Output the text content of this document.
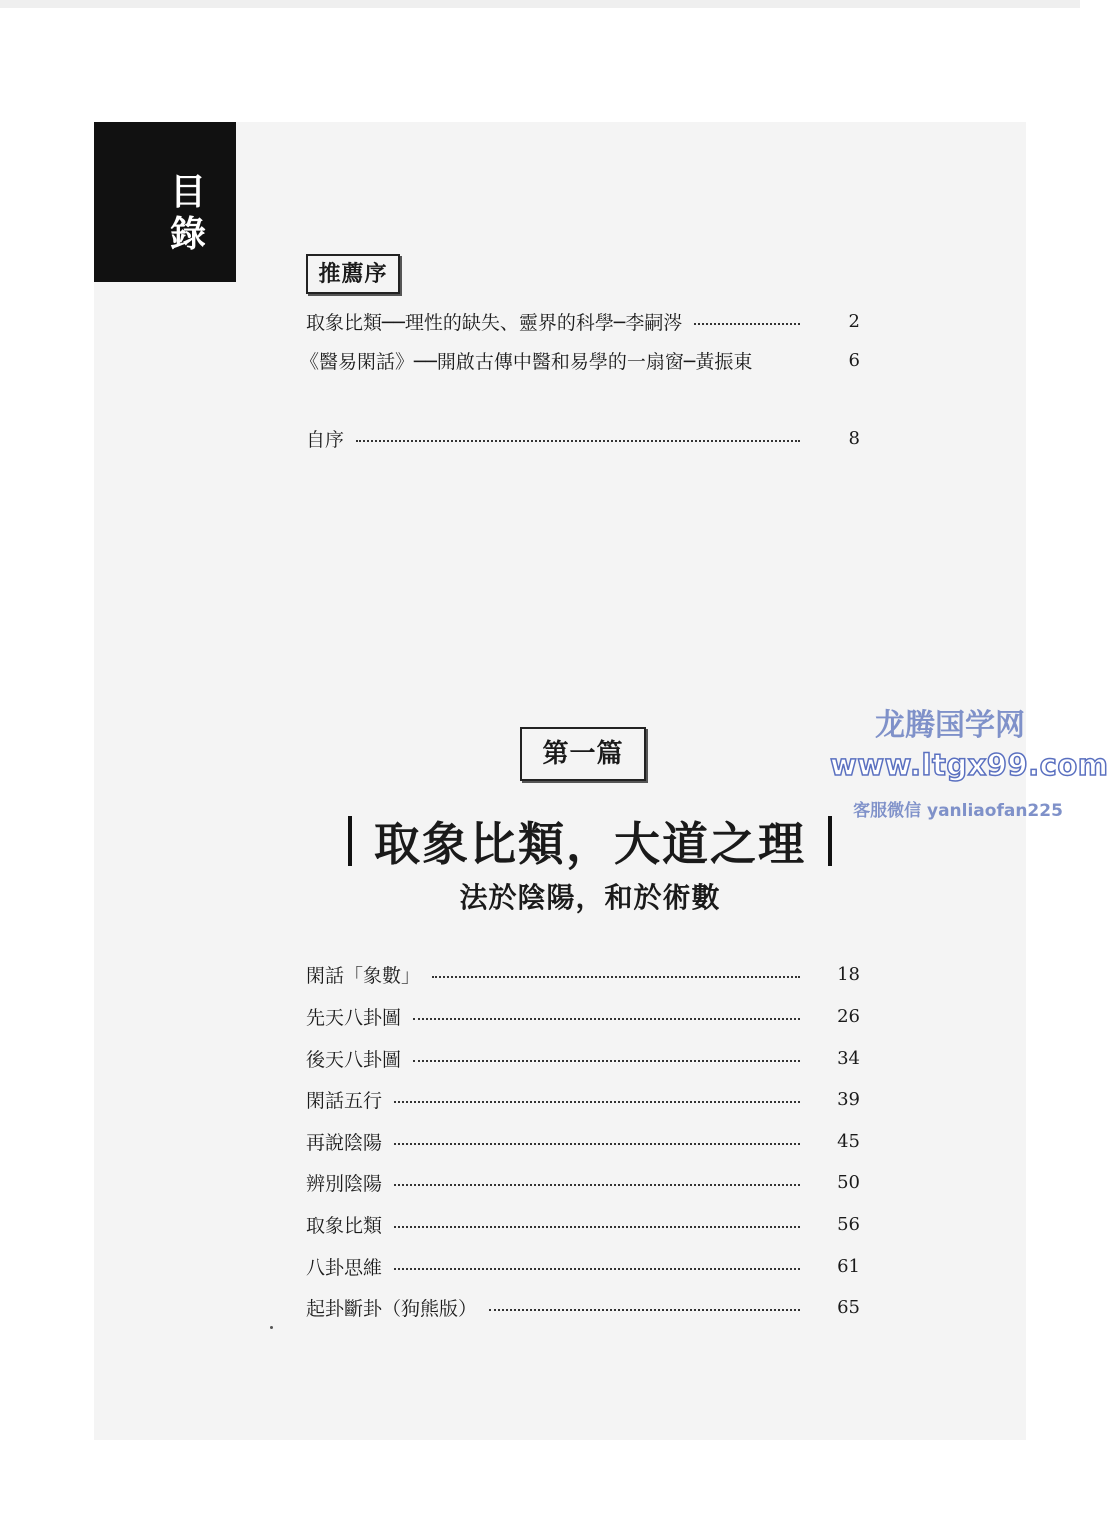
目
錄
推薦序
取象比類──理性的缺失、靈界的科學─李嗣涔	2
《醫易閑話》──開啟古傳中醫和易學的一扇窗─黃振東	6
自序	8
第一篇
取象比類，大道之理
法於陰陽，和於術數
閑話「象數」	18
先天八卦圖	26
後天八卦圖	34
閑話五行	39
再說陰陽	45
辨別陰陽	50
取象比類	56
八卦思維	61
起卦斷卦（狗熊版）	65
龙腾国学网
www.ltgx99.com
客服微信 yanliaofan225
